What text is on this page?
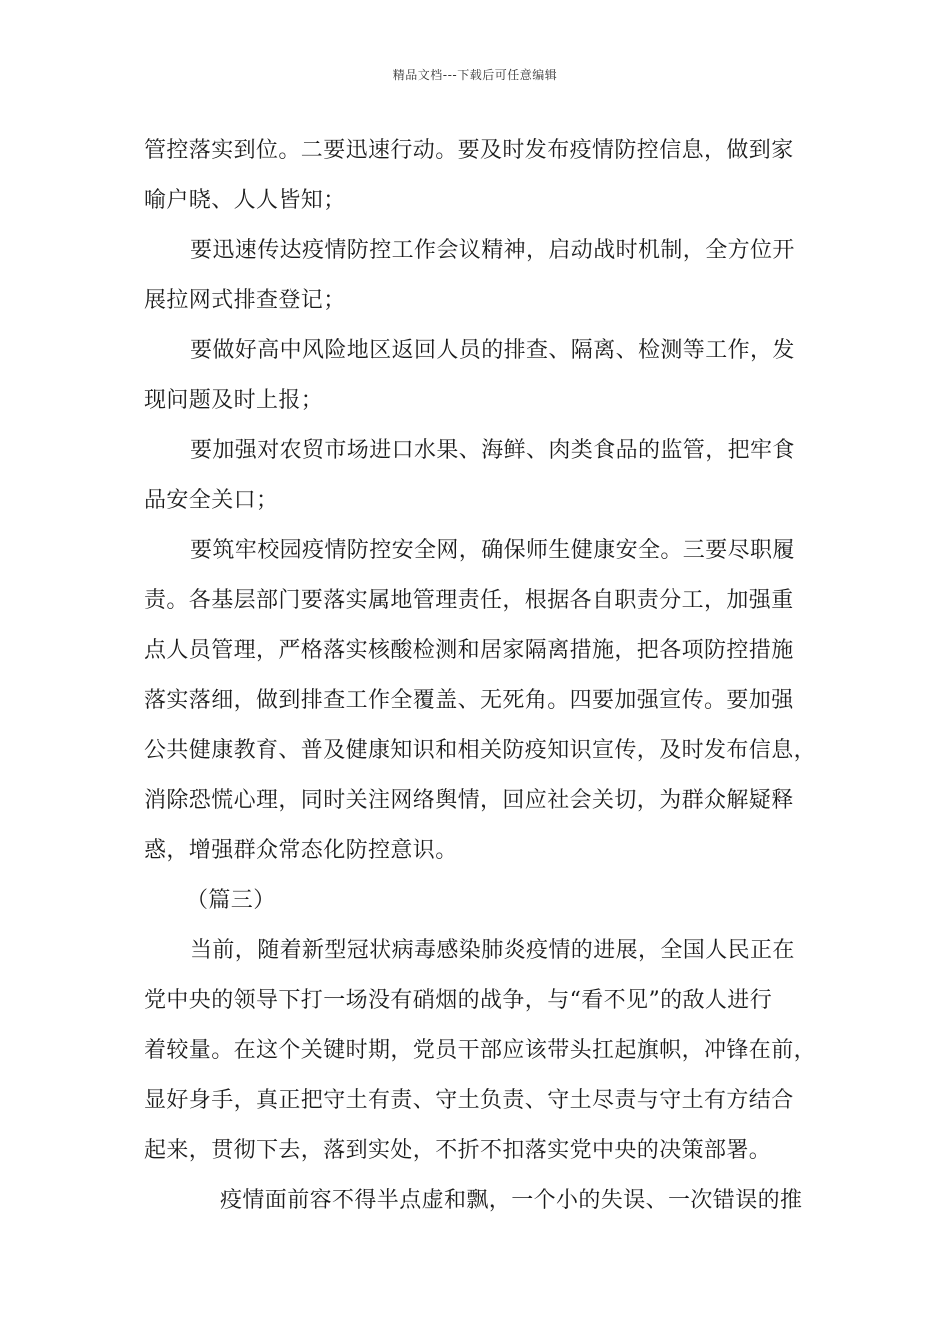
精品文档---下载后可任意编辑
管控落实到位。二要迅速行动。要及时发布疫情防控信息，做到家
喻户晓、人人皆知；
要迅速传达疫情防控工作会议精神，启动战时机制，全方位开
展拉网式排查登记；
要做好高中风险地区返回人员的排查、隔离、检测等工作，发
现问题及时上报；
要加强对农贸市场进口水果、海鲜、肉类食品的监管，把牢食
品安全关口；
要筑牢校园疫情防控安全网，确保师生健康安全。三要尽职履
责。各基层部门要落实属地管理责任，根据各自职责分工，加强重
点人员管理，严格落实核酸检测和居家隔离措施，把各项防控措施
落实落细，做到排查工作全覆盖、无死角。四要加强宣传。要加强
公共健康教育、普及健康知识和相关防疫知识宣传，及时发布信息，
消除恐慌心理，同时关注网络舆情，回应社会关切，为群众解疑释
惑，增强群众常态化防控意识。
（篇三）
当前，随着新型冠状病毒感染肺炎疫情的进展，全国人民正在
党中央的领导下打一场没有硝烟的战争，与“看不见”的敌人进行
着较量。在这个关键时期，党员干部应该带头扛起旗帜，冲锋在前，
显好身手，真正把守土有责、守土负责、守土尽责与守土有方结合
起来，贯彻下去，落到实处，不折不扣落实党中央的决策部署。
疫情面前容不得半点虚和飘，一个小的失误、一次错误的推
